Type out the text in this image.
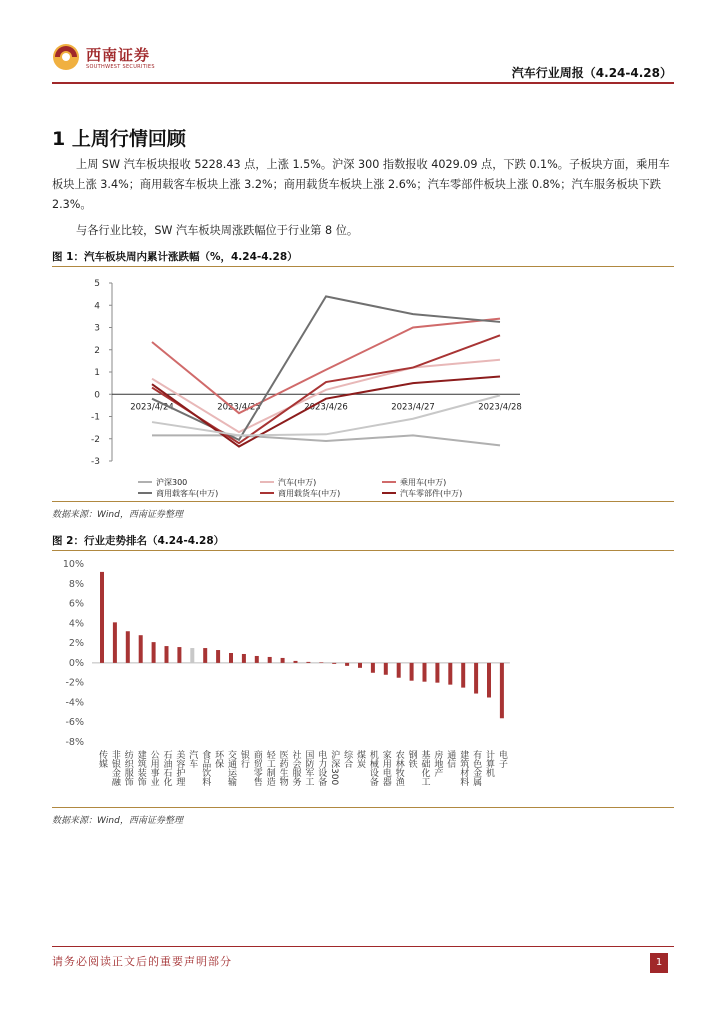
西南证券
SOUTHWEST SECURITIES	汽车行业周报（4.24-4.28）
1 上周行情回顾
上周 SW 汽车板块报收 5228.43 点，上涨 1.5%。沪深 300 指数报收 4029.09 点，下跌 0.1%。子板块方面，乘用车板块上涨 3.4%；商用载客车板块上涨 3.2%；商用载货车板块上涨 2.6%；汽车零部件板块上涨 0.8%；汽车服务板块下跌 2.3%。
与各行业比较，SW 汽车板块周涨跌幅位于行业第 8 位。
图 1：汽车板块周内累计涨跌幅（%，4.24-4.28）
5
4
3
2
1
0
-1
-2
-3
2023/4/24	2023/4/25	2023/4/26	2023/4/27	2023/4/28
沪深300	汽车(中万)	乘用车(中万)
商用载客车(中万)	商用载货车(中万)	汽车零部件(中万)
数据来源：Wind，西南证券整理
图 2：行业走势排名（4.24-4.28）
10%
8%
6%
4%
2%
0%
-2%
-4%
-6%
-8%
传媒 非银金融 纺织服饰 建筑装饰 公用事业 石油石化 美容护理 汽车 食品饮料 环保 交通运输 银行 商贸零售 轻工制造 医药生物 社会服务 国防军工 电力设备 沪深300 综合 煤炭 机械设备 家用电器 农林牧渔 钢铁 基础化工 房地产 通信 建筑材料 有色金属 计算机 电子
数据来源：Wind，西南证券整理
请务必阅读正文后的重要声明部分	1
